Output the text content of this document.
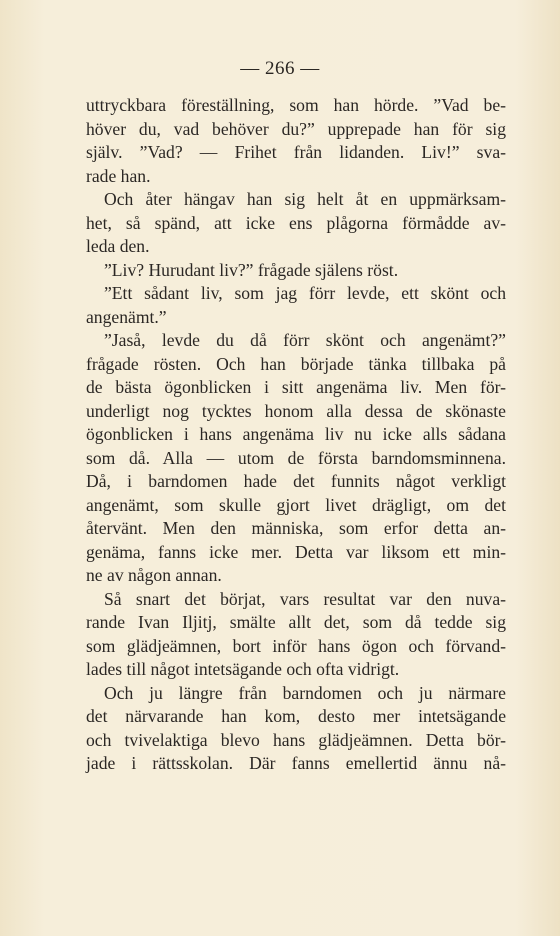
— 266 —
uttryckbara föreställning, som han hörde. ”Vad be-
höver du, vad behöver du?” upprepade han för sig
själv. ”Vad? — Frihet från lidanden. Liv!” sva-
rade han.
Och åter hängav han sig helt åt en uppmärksam-
het, så spänd, att icke ens plågorna förmådde av-
leda den.
”Liv? Hurudant liv?” frågade själens röst.
”Ett sådant liv, som jag förr levde, ett skönt och
angenämt.”
”Jaså, levde du då förr skönt och angenämt?”
frågade rösten. Och han började tänka tillbaka på
de bästa ögonblicken i sitt angenäma liv. Men för-
underligt nog tycktes honom alla dessa de skönaste
ögonblicken i hans angenäma liv nu icke alls sådana
som då. Alla — utom de första barndomsminnena.
Då, i barndomen hade det funnits något verkligt
angenämt, som skulle gjort livet drägligt, om det
återvänt. Men den människa, som erfor detta an-
genäma, fanns icke mer. Detta var liksom ett min-
ne av någon annan.
Så snart det börjat, vars resultat var den nuva-
rande Ivan Iljitj, smälte allt det, som då tedde sig
som glädjeämnen, bort inför hans ögon och förvand-
lades till något intetsägande och ofta vidrigt.
Och ju längre från barndomen och ju närmare
det närvarande han kom, desto mer intetsägande
och tvivelaktiga blevo hans glädjeämnen. Detta bör-
jade i rättsskolan. Där fanns emellertid ännu nå-
